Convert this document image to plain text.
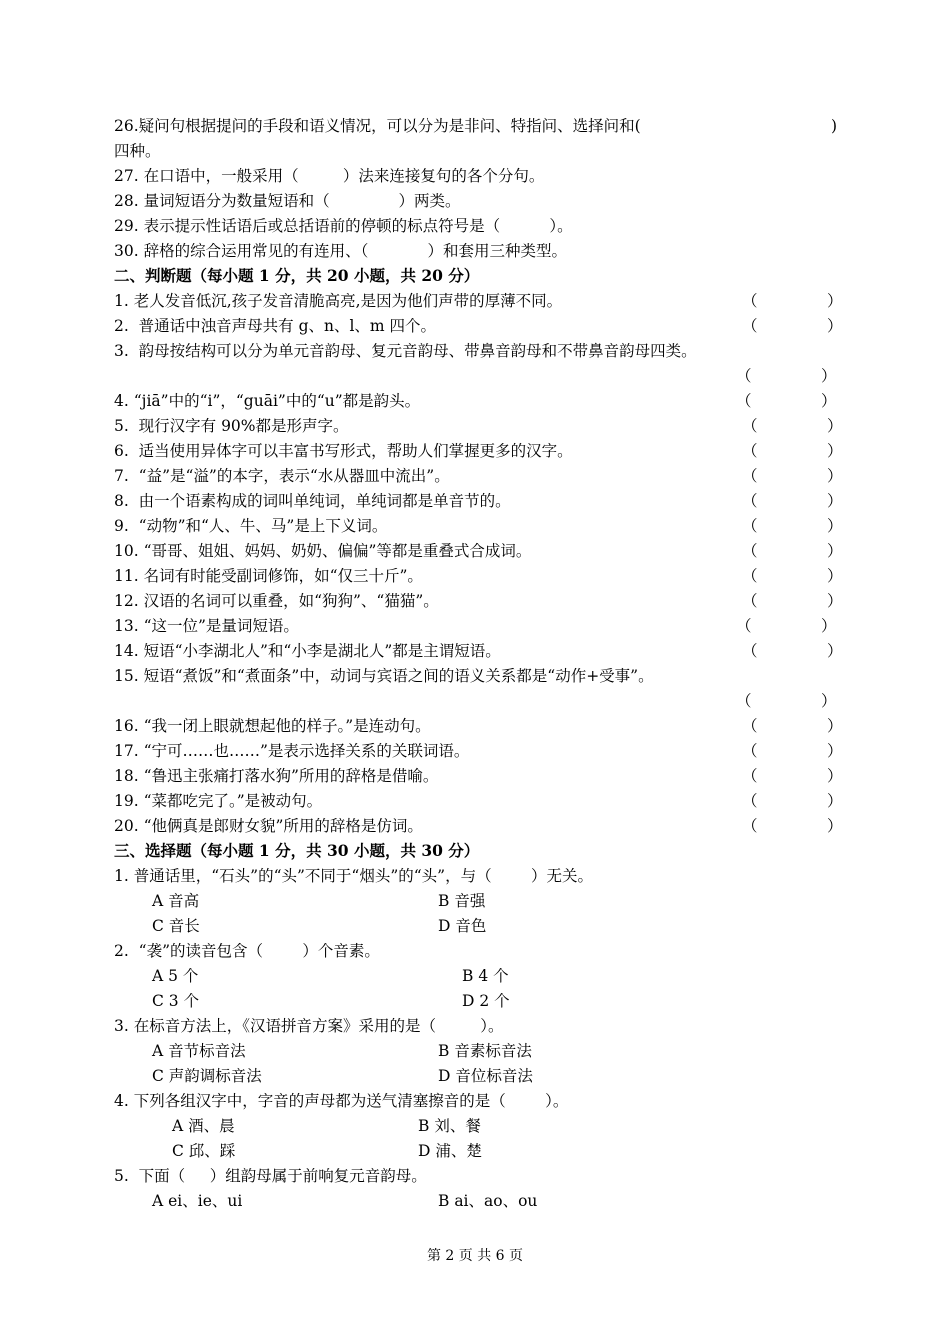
26.疑问句根据提问的手段和语义情况，可以分为是非问、特指问、选择问和(	)
四种。
27. 在口语中，一般采用（         ）法来连接复句的各个分句。
28. 量词短语分为数量短语和（              ）两类。
29. 表示提示性话语后或总括语前的停顿的标点符号是（          ）。
30. 辞格的综合运用常见的有连用、（            ）和套用三种类型。
二、判断题（每小题 1 分，共 20 小题，共 20 分）
1. 老人发音低沉,孩子发音清脆高亮,是因为他们声带的厚薄不同。	（	）
2.  普通话中浊音声母共有 g、n、l、m 四个。	（	）
3.  韵母按结构可以分为单元音韵母、复元音韵母、带鼻音韵母和不带鼻音韵母四类。
（	）
4. “jiā”中的“i”，“guāi”中的“u”都是韵头。	（	）
5.  现行汉字有 90%都是形声字。	（	）
6.  适当使用异体字可以丰富书写形式，帮助人们掌握更多的汉字。	（	）
7.  “益”是“溢”的本字，表示“水从器皿中流出”。	（	）
8.  由一个语素构成的词叫单纯词，单纯词都是单音节的。	（	）
9.  “动物”和“人、牛、马”是上下义词。	（	）
10. “哥哥、姐姐、妈妈、奶奶、偏偏”等都是重叠式合成词。	（	）
11. 名词有时能受副词修饰，如“仅三十斤”。	（	）
12. 汉语的名词可以重叠，如“狗狗”、“猫猫”。	（	）
13. “这一位”是量词短语。	（	）
14. 短语“小李湖北人”和“小李是湖北人”都是主谓短语。	（	）
15. 短语“煮饭”和“煮面条”中，动词与宾语之间的语义关系都是“动作+受事”。
（	）
16. “我一闭上眼就想起他的样子。”是连动句。	（	）
17. “宁可……也……”是表示选择关系的关联词语。	（	）
18. “鲁迅主张痛打落水狗”所用的辞格是借喻。	（	）
19. “菜都吃完了。”是被动句。	（	）
20. “他俩真是郎财女貌”所用的辞格是仿词。	（	）
三、选择题（每小题 1 分，共 30 小题，共 30 分）
1. 普通话里，“石头”的“头”不同于“烟头”的“头”，与（        ）无关。
A 音高	B 音强
C 音长	D 音色
2.  “袭”的读音包含（        ）个音素。
A 5 个	B 4 个
C 3 个	D 2 个
3. 在标音方法上，《汉语拼音方案》采用的是（         ）。
A 音节标音法	B 音素标音法
C 声韵调标音法	D 音位标音法
4. 下列各组汉字中，字音的声母都为送气清塞擦音的是（        ）。
A 酒、晨	B 刘、餐
C 邱、踩	D 浦、楚
5.  下面（     ）组韵母属于前响复元音韵母。
A ei、ie、ui	B ai、ao、ou
第 2 页 共 6 页
